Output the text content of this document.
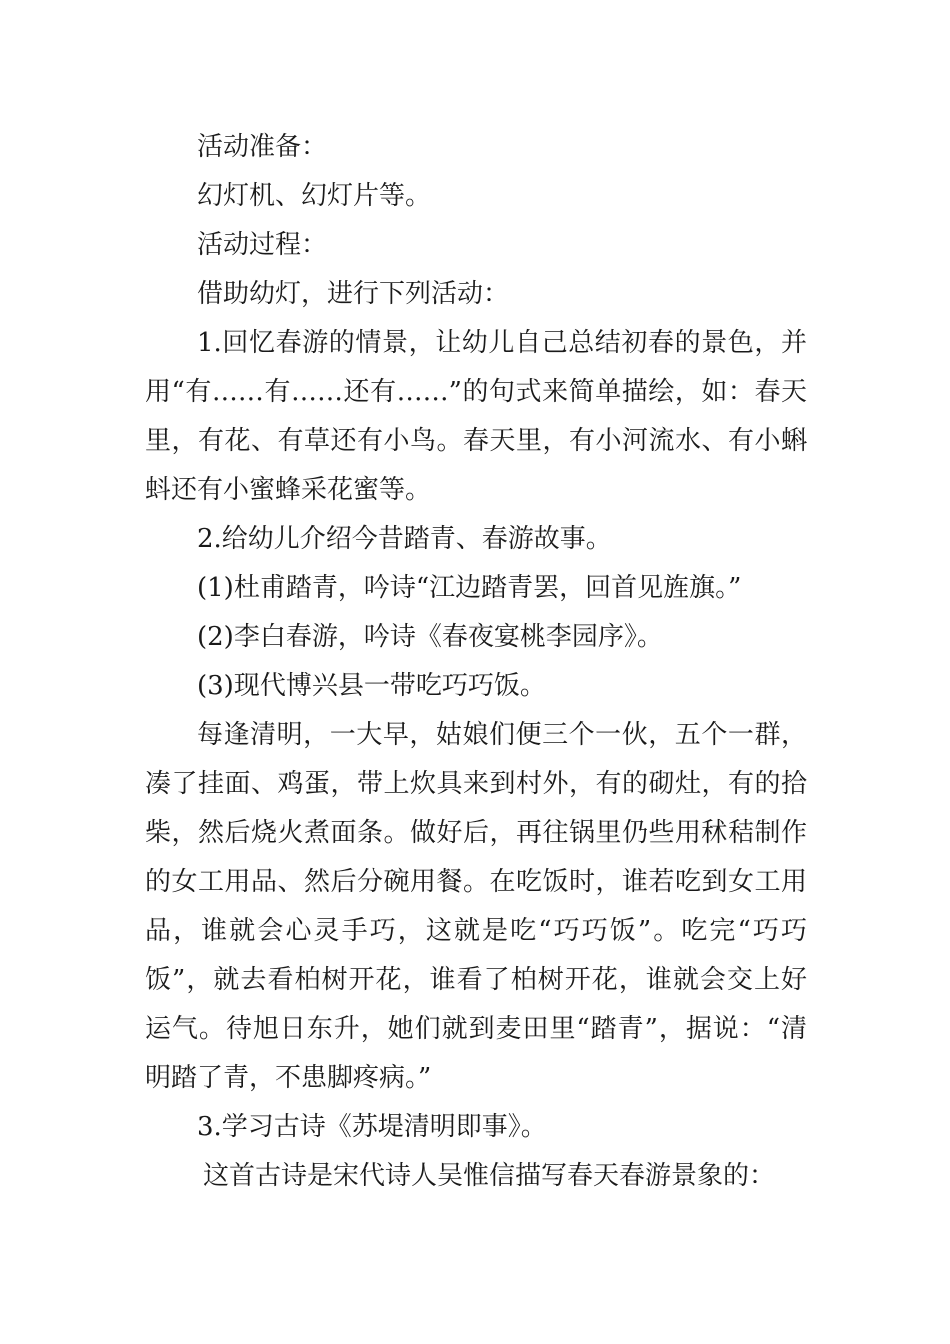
活动准备：

幻灯机、幻灯片等。

活动过程：

借助幼灯，进行下列活动：

1.回忆春游的情景，让幼儿自己总结初春的景色，并用“有……有……还有……”的句式来简单描绘，如：春天里，有花、有草还有小鸟。春天里，有小河流水、有小蝌蚪还有小蜜蜂采花蜜等。

2.给幼儿介绍今昔踏青、春游故事。

(1)杜甫踏青，吟诗“江边踏青罢，回首见旌旗。”

(2)李白春游，吟诗《春夜宴桃李园序》。

(3)现代博兴县一带吃巧巧饭。

每逢清明，一大早，姑娘们便三个一伙，五个一群，凑了挂面、鸡蛋，带上炊具来到村外，有的砌灶，有的拾柴，然后烧火煮面条。做好后，再往锅里仍些用秫秸制作的女工用品、然后分碗用餐。在吃饭时，谁若吃到女工用品，谁就会心灵手巧，这就是吃“巧巧饭”。吃完“巧巧饭”，就去看柏树开花，谁看了柏树开花，谁就会交上好运气。待旭日东升，她们就到麦田里“踏青”，据说：“清明踏了青，不患脚疼病。”

3.学习古诗《苏堤清明即事》。

这首古诗是宋代诗人吴惟信描写春天春游景象的：
